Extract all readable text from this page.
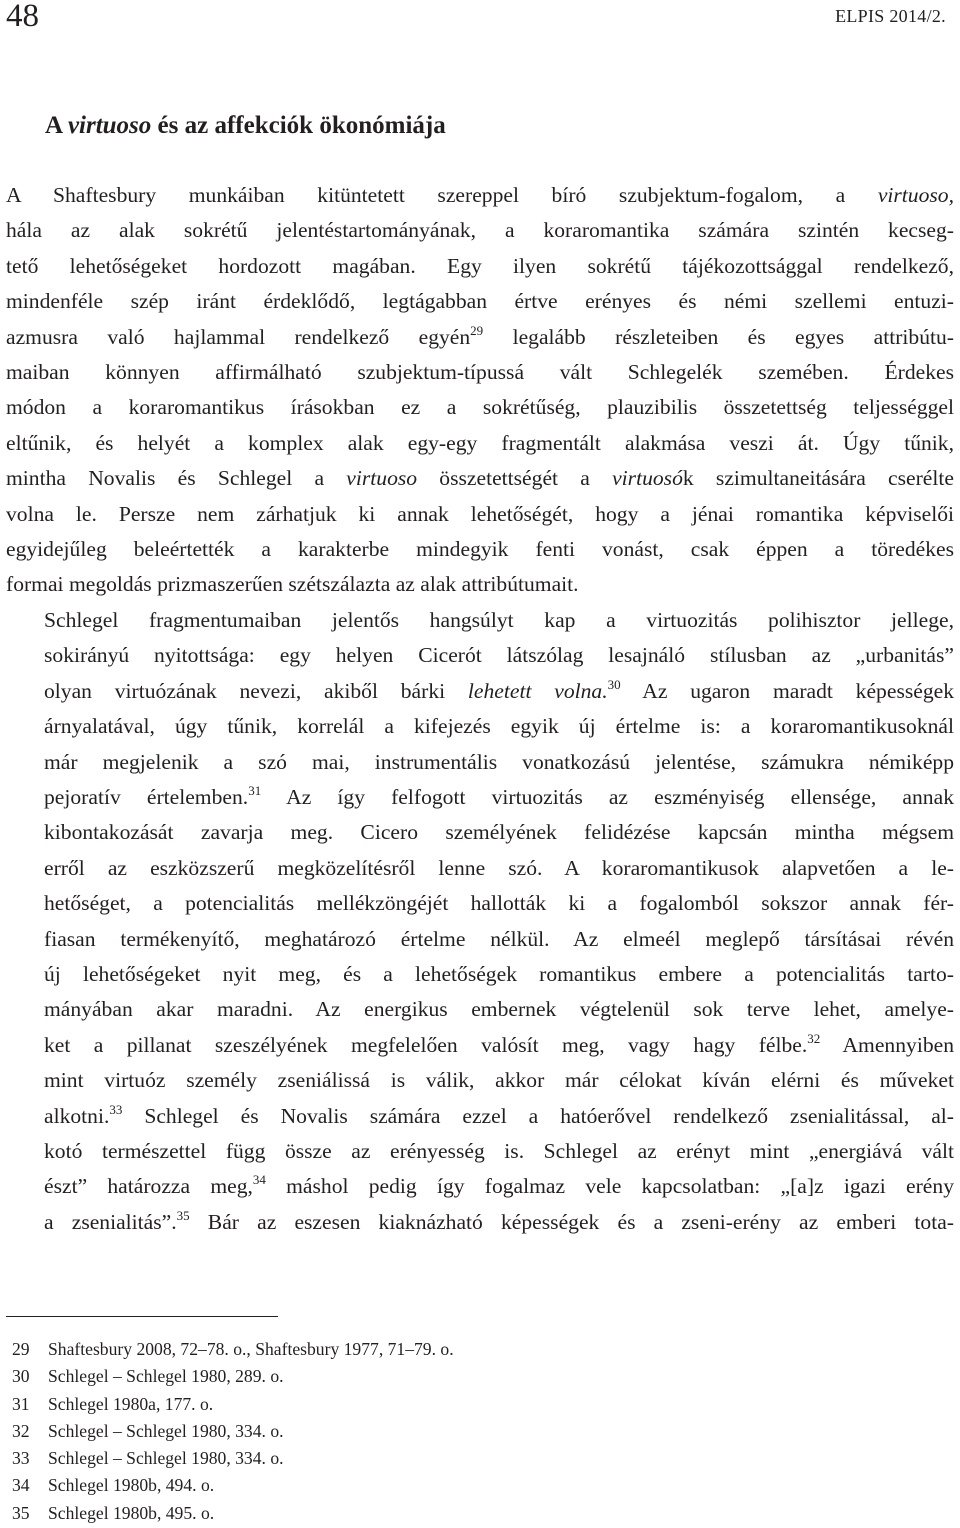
48	ELPIS 2014/2.
A virtuoso és az affekciók ökonómiája

A Shaftesbury munkáiban kitüntetett szereppel bíró szubjektum-fogalom, a virtuoso,
hála az alak sokrétű jelentéstartományának, a koraromantika számára szintén kecseg-
tető lehetőségeket hordozott magában. Egy ilyen sokrétű tájékozottsággal rendelkező,
mindenféle szép iránt érdeklődő, legtágabban értve erényes és némi szellemi entuzi-
azmusra való hajlammal rendelkező egyén$^{29}$ legalább részleteiben és egyes attribútu-
maiban könnyen affirmálható szubjektum-típussá vált Schlegelék szemében. Érdekes
módon a koraromantikus írásokban ez a sokrétűség, plauzibilis összetettség teljességgel
eltűnik, és helyét a komplex alak egy-egy fragmentált alakmása veszi át. Úgy tűnik,
mintha Novalis és Schlegel a virtuoso összetettségét a virtuosók szimultaneitására cserélte
volna le. Persze nem zárhatjuk ki annak lehetőségét, hogy a jénai romantika képviselői
egyidejűleg beleértették a karakterbe mindegyik fenti vonást, csak éppen a töredékes
formai megoldás prizmaszerűen szétszálazta az alak attribútumait.

Schlegel fragmentumaiban jelentős hangsúlyt kap a virtuozitás polihisztor jellege,
sokirányú nyitottsága: egy helyen Cicerót látszólag lesajnáló stílusban az „urbanitás”
olyan virtuózának nevezi, akiből bárki lehetett volna.$^{30}$ Az ugaron maradt képességek
árnyalatával, úgy tűnik, korrelál a kifejezés egyik új értelme is: a koraromantikusoknál
már megjelenik a szó mai, instrumentális vonatkozású jelentése, számukra némiképp
pejoratív értelemben.$^{31}$ Az így felfogott virtuozitás az eszményiség ellensége, annak
kibontakozását zavarja meg. Cicero személyének felidézése kapcsán mintha mégsem
erről az eszközszerű megközelítésről lenne szó. A koraromantikusok alapvetően a le-
hetőséget, a potencialitás mellékzöngéjét hallották ki a fogalomból sokszor annak fér-
fiasan termékenyítő, meghatározó értelme nélkül. Az elmeél meglepő társításai révén
új lehetőségeket nyit meg, és a lehetőségek romantikus embere a potencialitás tarto-
mányában akar maradni. Az energikus embernek végtelenül sok terve lehet, amelye-
ket a pillanat szeszélyének megfelelően valósít meg, vagy hagy félbe.$^{32}$ Amennyiben
mint virtuóz személy zseniálissá is válik, akkor már célokat kíván elérni és műveket
alkotni.$^{33}$ Schlegel és Novalis számára ezzel a hatóerővel rendelkező zsenialitással, al-
kotó természettel függ össze az erényesség is. Schlegel az erényt mint „energiává vált
észt” határozza meg,$^{34}$ máshol pedig így fogalmaz vele kapcsolatban: „[a]z igazi erény
a zsenialitás”.$^{35}$ Bár az eszesen kiaknázható képességek és a zseni-erény az emberi tota-

29	Shaftesbury 2008, 72–78. o., Shaftesbury 1977, 71–79. o.
30	Schlegel – Schlegel 1980, 289. o.
31	Schlegel 1980a, 177. o.
32	Schlegel – Schlegel 1980, 334. o.
33	Schlegel – Schlegel 1980, 334. o.
34	Schlegel 1980b, 494. o.
35	Schlegel 1980b, 495. o.
